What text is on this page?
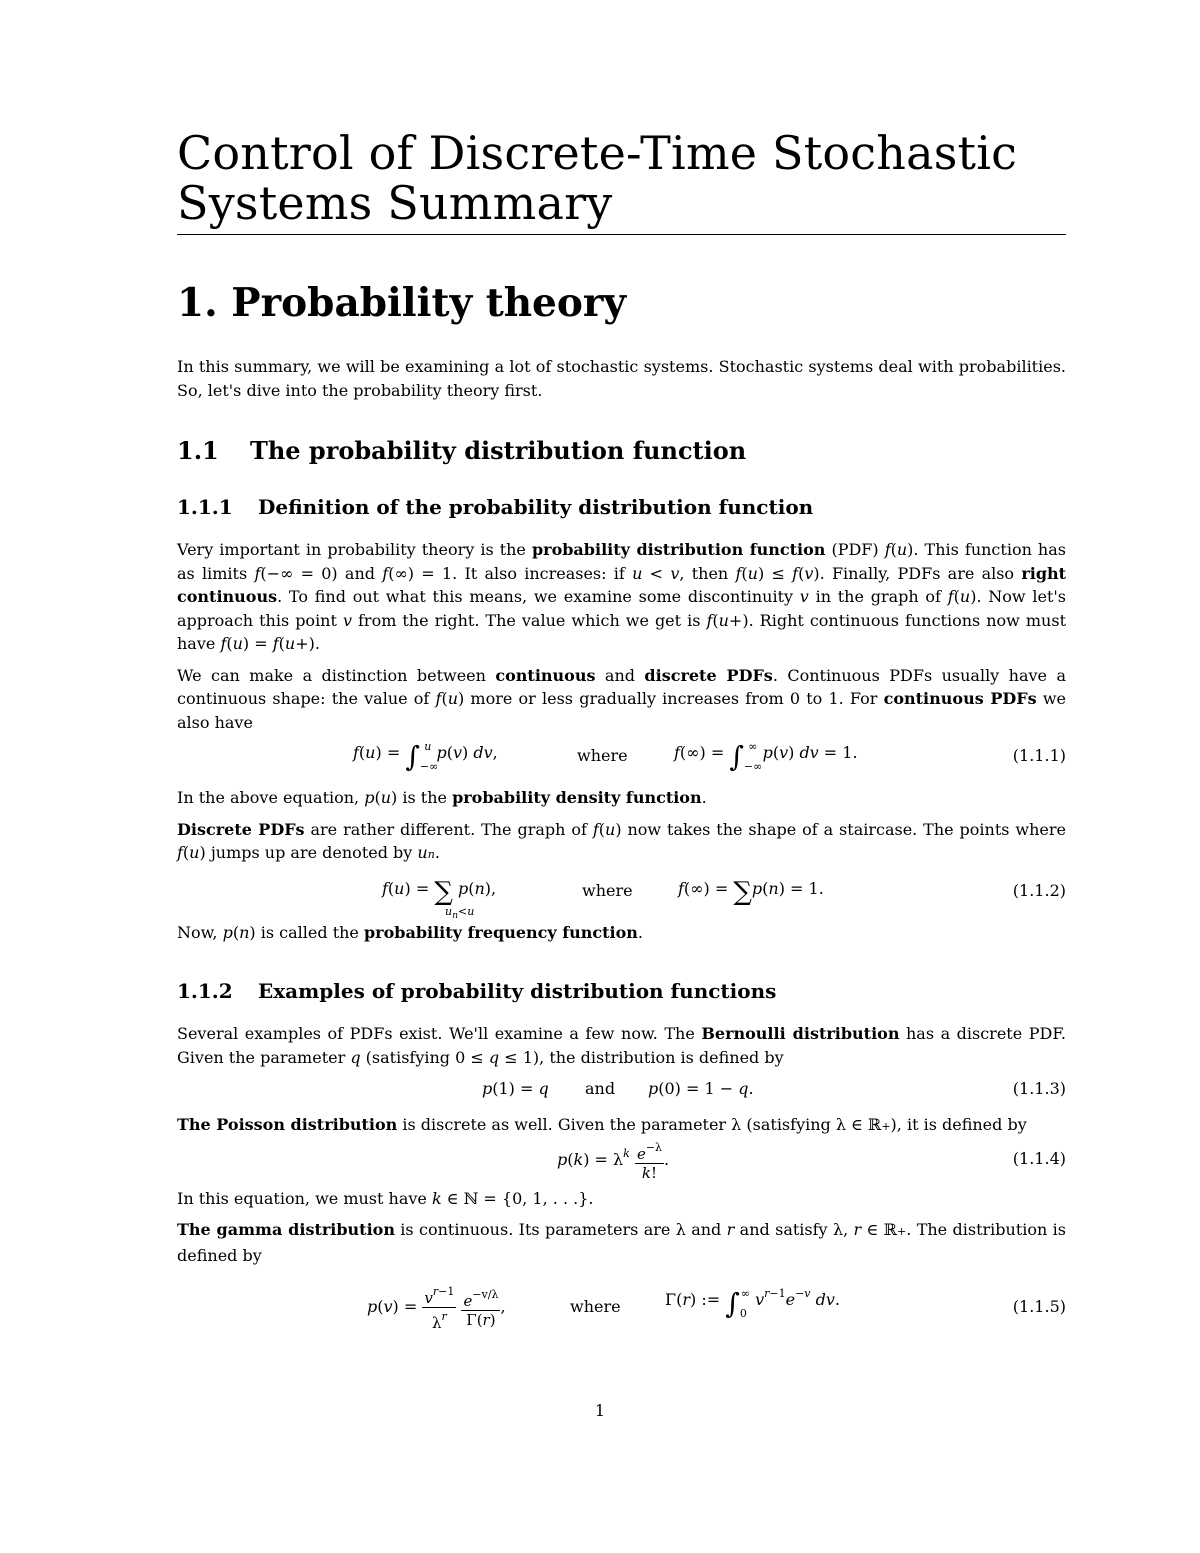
Control of Discrete-Time Stochastic Systems Summary
1. Probability theory

In this summary, we will be examining a lot of stochastic systems. Stochastic systems deal with probabilities. So, let's dive into the probability theory first.

1.1 The probability distribution function
1.1.1 Definition of the probability distribution function

Very important in probability theory is the probability distribution function (PDF) f(u). This function has as limits f(−∞ = 0) and f(∞) = 1. It also increases: if u < v, then f(u) ≤ f(v). Finally, PDFs are also right continuous. To find out what this means, we examine some discontinuity v in the graph of f(u). Now let's approach this point v from the right. The value which we get is f(u+). Right continuous functions now must have f(u) = f(u+).

We can make a distinction between continuous and discrete PDFs. Continuous PDFs usually have a continuous shape: the value of f(u) more or less gradually increases from 0 to 1. For continuous PDFs we also have

$f(u) = \int_{-\infty}^u$ p(v) dv,	where	$f(\infty) = \int_{-\infty}^\infty$ p(v) dv = 1.	(1.1.1)

In the above equation, p(u) is the probability density function.

Discrete PDFs are rather different. The graph of f(u) now takes the shape of a staircase. The points where f(u) jumps up are denoted by un.

f(u) = ∑ p(n),
$u_n<u$
where	f(∞) = ∑p(n) = 1.	(1.1.2)

Now, p(n) is called the probability frequency function.

1.1.2 Examples of probability distribution functions

Several examples of PDFs exist. We'll examine a few now. The Bernoulli distribution has a discrete PDF. Given the parameter q (satisfying 0 ≤ q ≤ 1), the distribution is defined by

p(1) = q and p(0) = 1 − q.	(1.1.3)

The Poisson distribution is discrete as well. Given the parameter λ (satisfying λ ∈ ℝ+), it is defined by

$p(k) = \lambda^k \frac{e^{-\lambda}}{k!}$ .	(1.1.4)

In this equation, we must have k ∈ ℕ = {0, 1, . . .}.

The gamma distribution is continuous. Its parameters are λ and r and satisfy λ, r ∈ ℝ+. The distribution is defined by

$p(v) = \frac{v^{r-1}}{\lambda^r}$
$\frac{e^{-v/\lambda}}{\Gamma(r)}$ ,	where	Γ(r) := $\int_0^\infty$ $v^{r-1}e^{-v}$ dv.	(1.1.5)
1
